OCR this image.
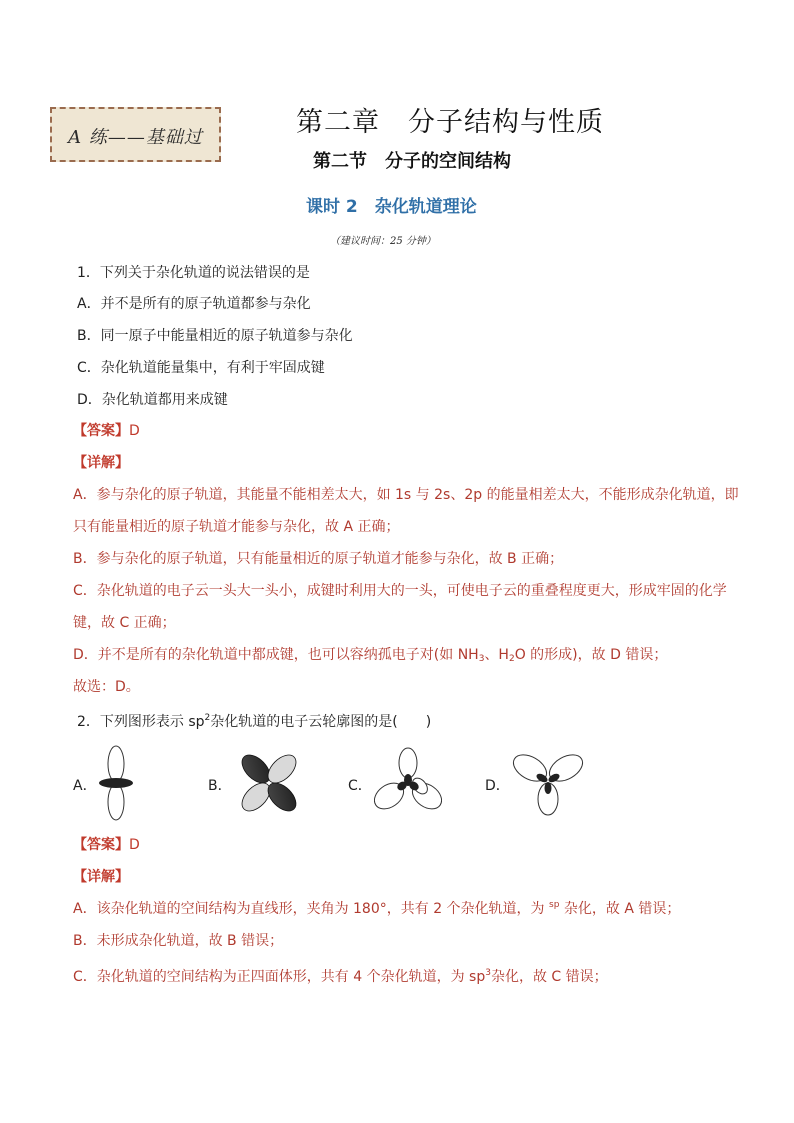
A 练——基础过	第二章　分子结构与性质
第二节　分子的空间结构
课时 2　杂化轨道理论
（建议时间：25 分钟）
1．下列关于杂化轨道的说法错误的是
A．并不是所有的原子轨道都参与杂化
B．同一原子中能量相近的原子轨道参与杂化
C．杂化轨道能量集中，有利于牢固成键
D．杂化轨道都用来成键
【答案】D
【详解】
A．参与杂化的原子轨道，其能量不能相差太大，如 1s 与 2s、2p 的能量相差太大，不能形成杂化轨道，即
只有能量相近的原子轨道才能参与杂化，故 A 正确；
B．参与杂化的原子轨道，只有能量相近的原子轨道才能参与杂化，故 B 正确；
C．杂化轨道的电子云一头大一头小，成键时利用大的一头，可使电子云的重叠程度更大，形成牢固的化学
键，故 C 正确；
D．并不是所有的杂化轨道中都成键，也可以容纳孤电子对(如 $NH_3$、$H_2O$ 的形成)，故 D 错误；
故选：D。
2．下列图形表示 $sp^2$杂化轨道的电子云轮廓图的是(　　)
A．	B．	C．	D．
【答案】D
【详解】
A．该杂化轨道的空间结构为直线形，夹角为 180°，共有 2 个杂化轨道，为 $^{sp}$ 杂化，故 A 错误；
B．未形成杂化轨道，故 B 错误；
C．杂化轨道的空间结构为正四面体形，共有 4 个杂化轨道，为 $sp^3$杂化，故 C 错误；
